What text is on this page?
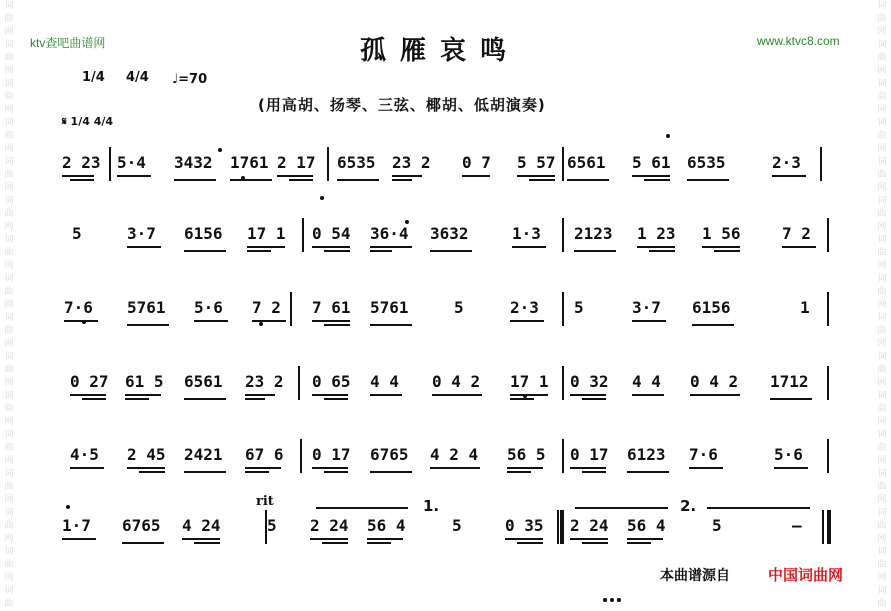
词
曲
网
词
曲
网
词
曲
网
词
曲
网
词
曲
网
词
曲
网
词
曲
网
词
曲
网
词
曲
网
词
曲
网
词
曲
网
词
曲
网
词
曲
网
词
曲
网
词
曲
网
词
曲
词
曲
网
词
曲
网
词
曲
网
词
曲
网
词
曲
网
词
曲
网
词
曲
网
词
曲
网
词
曲
网
词
曲
网
词
曲
网
词
曲
网
词
曲
网
词
曲
网
词
曲
网
词
曲
ktv查吧曲谱网	www.ktvc8.com
孤雁哀鸣
1/4 4/4 ♩=70
(用高胡、扬琴、三弦、椰胡、低胡演奏)
𝄋 1/4 4/4
2 23 5·4 3432 1761 2 17 6535 23 2 0 7 5 57 6561 5 61 6535	2·3
5	3·7 6156 17 1 0 54 36·4 3632	1·3 2123 1 23 1 56	7 2
7·6 5761 5·6 7 2 7 61 5761	5	2·3 5	3·7 6156	1
0 27 61 5 6561 23 2 0 65 4 4 0 4 2 17 1 0 32 4 4 0 4 2 1712
4·5 2 45 2421 67 6 0 17 6765 4 2 4 56 5 0 17 6123 7·6	5·6
1·7 6765 4 24	5 2 24 56 4	5	0 35 2 24 56 4	5	—
1.	2.
rit
本曲谱源自	中国词曲网
